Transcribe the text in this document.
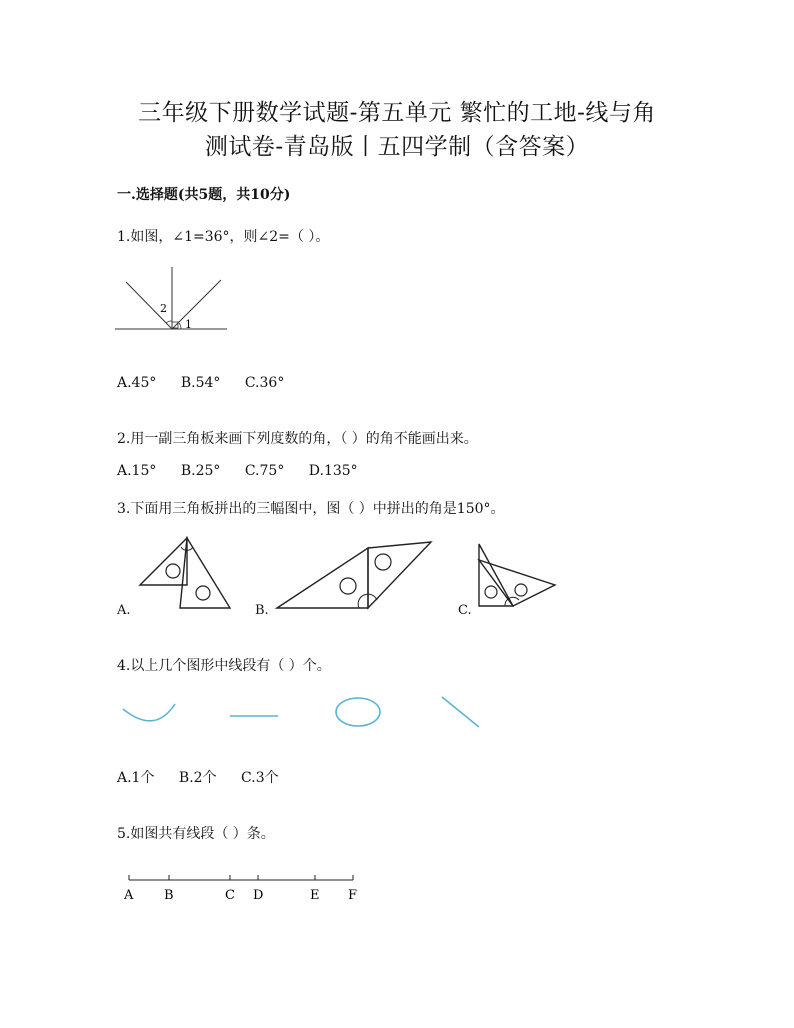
三年级下册数学试题-第五单元 繁忙的工地-线与角
测试卷-青岛版丨五四学制（含答案）
一.选择题(共5题，共10分)
1.如图，∠1=36°，则∠2=（ ）。
2
1
A.45° B.54° C.36°
2.用一副三角板来画下列度数的角，（ ）的角不能画出来。
A.15° B.25° C.75° D.135°
3.下面用三角板拼出的三幅图中，图（ ）中拼出的角是150°。
A.	B.	C.
4.以上几个图形中线段有（ ）个。
A.1个 B.2个 C.3个
5.如图共有线段（ ）条。
A B	C D	E F
